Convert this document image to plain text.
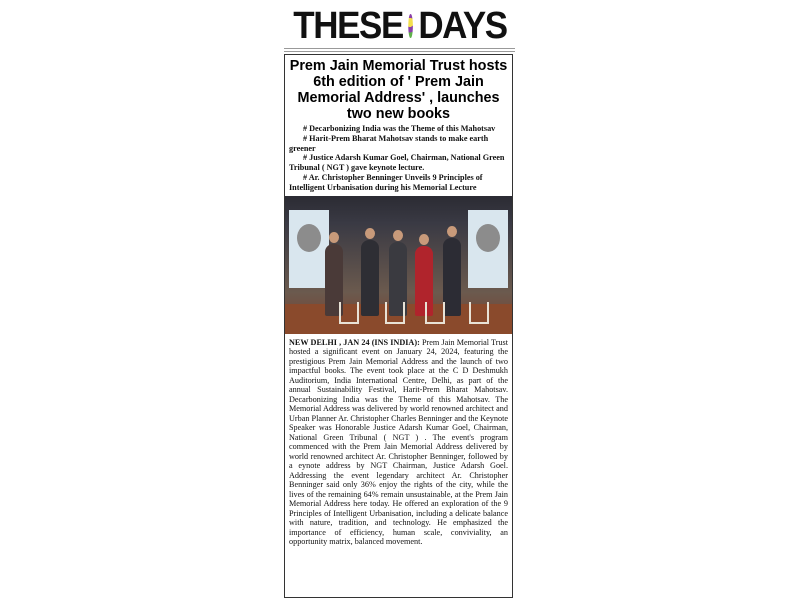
THESE DAYS
Prem Jain Memorial Trust hosts 6th edition of ' Prem Jain Memorial Address' , launches two new books

# Decarbonizing India was the Theme of this Mahotsav

# Harit-Prem Bharat Mahotsav stands to make earth greener

# Justice Adarsh Kumar Goel, Chairman, National Green Tribunal ( NGT ) gave keynote lecture.

# Ar. Christopher Benninger Unveils 9 Principles of Intelligent Urbanisation during his Memorial Lecture

NEW DELHI , JAN 24 (INS INDIA): Prem Jain Memorial Trust hosted a significant event on January 24, 2024, featuring the prestigious Prem Jain Memorial Address and the launch of two impactful books. The event took place at the C D Deshmukh Auditorium, India International Centre, Delhi, as part of the annual Sustainability Festival, Harit-Prem Bharat Mahotsav. Decarbonizing India was the Theme of this Mahotsav. The Memorial Address was delivered by world renowned architect and Urban Planner Ar. Christopher Charles Benninger and the Keynote Speaker was Honorable Justice Adarsh Kumar Goel, Chairman, National Green Tribunal ( NGT ) . The event's program commenced with the Prem Jain Memorial Address delivered by world renowned architect Ar. Christopher Benninger, followed by a eynote address by NGT Chairman, Justice Adarsh Goel. Addressing the event legendary architect Ar. Christopher Benninger said only 36% enjoy the rights of the city, while the lives of the remaining 64% remain unsustainable, at the Prem Jain Memorial Address here today. He offered an exploration of the 9 Principles of Intelligent Urbanisation, including a delicate balance with nature, tradition, and technology. He emphasized the importance of efficiency, human scale, conviviality, an opportunity matrix, balanced movement.
